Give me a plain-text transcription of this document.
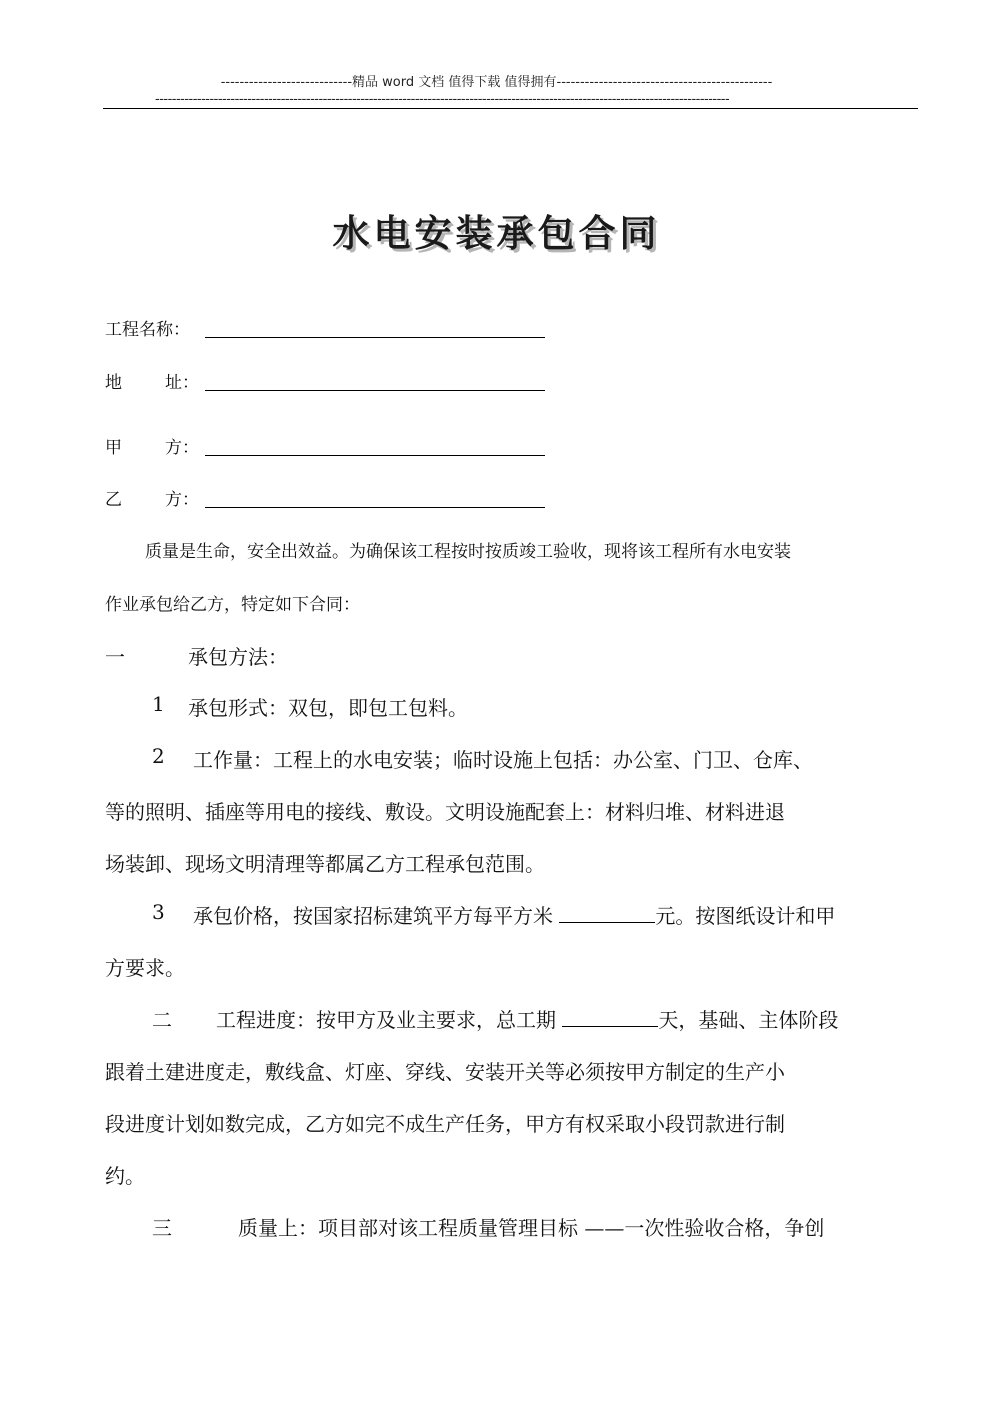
----------------------------精品 word 文档 值得下载 值得拥有----------------------------------------------
-----------------------------------------------------------------------------------------------------------------------------------------
水电安装承包合同
工程名称：
地	址：
甲	方：
乙	方：
质量是生命，安全出效益。为确保该工程按时按质竣工验收，现将该工程所有水电安装
作业承包给乙方，特定如下合同：
一	承包方法：
1 承包形式：双包，即包工包料。
2 工作量：工程上的水电安装；临时设施上包括：办公室、门卫、仓库、
等的照明、插座等用电的接线、敷设。文明设施配套上：材料归堆、材料进退
场装卸、现场文明清理等都属乙方工程承包范围。
3 承包价格，按国家招标建筑平方每平方米	元。按图纸设计和甲
方要求。
二 工程进度：按甲方及业主要求，总工期	天，基础、主体阶段
跟着土建进度走，敷线盒、灯座、穿线、安装开关等必须按甲方制定的生产小
段进度计划如数完成，乙方如完不成生产任务，甲方有权采取小段罚款进行制
约。
三	质量上：项目部对该工程质量管理目标 ——一次性验收合格，争创
